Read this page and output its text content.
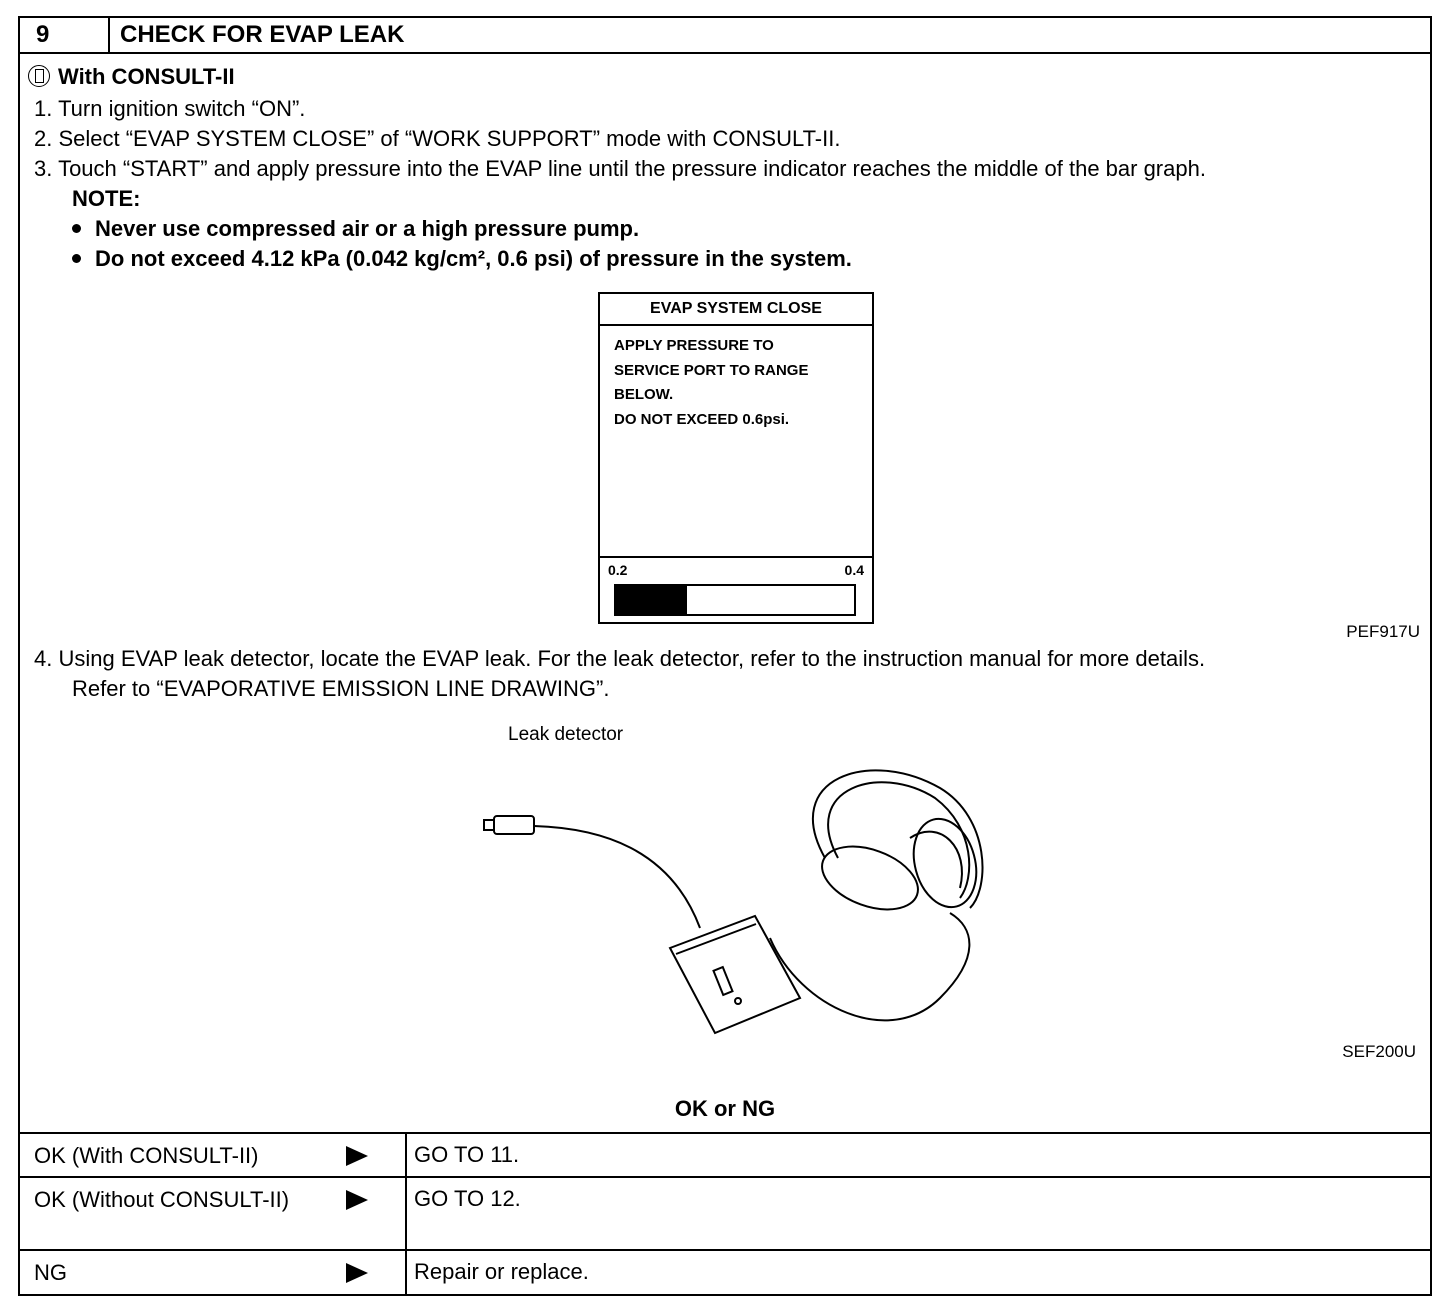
9	CHECK FOR EVAP LEAK
With CONSULT-II
1. Turn ignition switch “ON”.
2. Select “EVAP SYSTEM CLOSE” of “WORK SUPPORT” mode with CONSULT-II.
3. Touch “START” and apply pressure into the EVAP line until the pressure indicator reaches the middle of the bar graph.
NOTE:
Never use compressed air or a high pressure pump.
Do not exceed 4.12 kPa (0.042 kg/cm², 0.6 psi) of pressure in the system.
EVAP SYSTEM CLOSE
APPLY PRESSURE TO
SERVICE PORT TO RANGE
BELOW.
DO NOT EXCEED 0.6psi.
0.2	0.4
PEF917U
4. Using EVAP leak detector, locate the EVAP leak. For the leak detector, refer to the instruction manual for more details.
Refer to “EVAPORATIVE EMISSION LINE DRAWING”.
Leak detector
SEF200U
OK or NG
OK (With CONSULT-II)	GO TO 11.
OK (Without CONSULT-II)	GO TO 12.
NG	Repair or replace.
